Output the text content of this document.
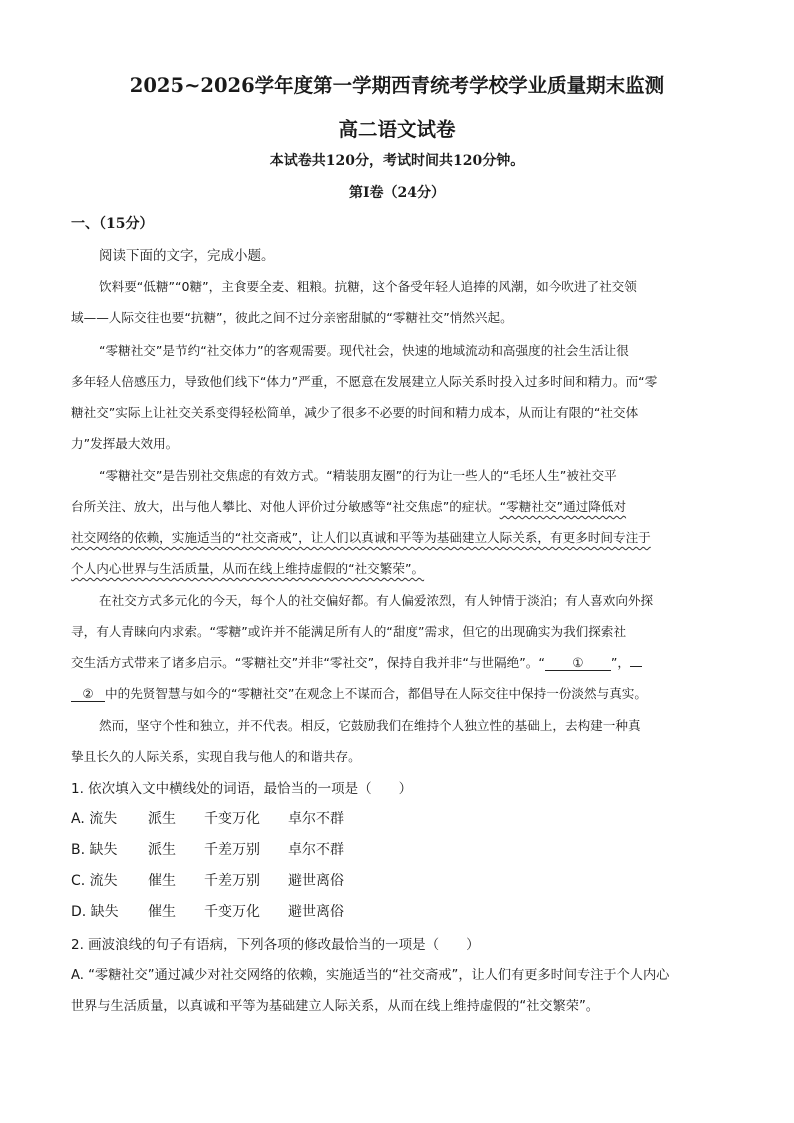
2025~2026学年度第一学期西青统考学校学业质量期末监测
高二语文试卷
本试卷共120分，考试时间共120分钟。
第Ⅰ卷（24分）
一、（15分）
阅读下面的文字，完成小题。
饮料要“低糖”“0糖”，主食要全麦、粗粮。抗糖，这个备受年轻人追捧的风潮，如今吹进了社交领
域——人际交往也要“抗糖”，彼此之间不过分亲密甜腻的“零糖社交”悄然兴起。
“零糖社交”是节约“社交体力”的客观需要。现代社会，快速的地域流动和高强度的社会生活让很
多年轻人倍感压力，导致他们线下“体力”严重，不愿意在发展建立人际关系时投入过多时间和精力。而“零
糖社交”实际上让社交关系变得轻松简单，减少了很多不必要的时间和精力成本，从而让有限的“社交体
力”发挥最大效用。
“零糖社交”是告别社交焦虑的有效方式。“精装朋友圈”的行为让一些人的“毛坯人生”被社交平
台所关注、放大，出与他人攀比、对他人评价过分敏感等“社交焦虑”的症状。“零糖社交”通过降低对
社交网络的依赖，实施适当的“社交斋戒”，让人们以真诚和平等为基础建立人际关系，有更多时间专注于
个人内心世界与生活质量，从而在线上维持虚假的“社交繁荣”。
在社交方式多元化的今天，每个人的社交偏好都。有人偏爱浓烈，有人钟情于淡泊；有人喜欢向外探
寻，有人青睐向内求索。“零糖”或许并不能满足所有人的“甜度”需求，但它的出现确实为我们探索社
交生活方式带来了诸多启示。“零糖社交”并非“零社交”，保持自我并非“与世隔绝”。“ ① ”，
② 中的先贤智慧与如今的“零糖社交”在观念上不谋而合，都倡导在人际交往中保持一份淡然与真实。
然而，坚守个性和独立，并不代表。相反，它鼓励我们在维持个人独立性的基础上，去构建一种真
挚且长久的人际关系，实现自我与他人的和谐共存。
1. 依次填入文中横线处的词语，最恰当的一项是（　　）
A. 流失 派生 千变万化 卓尔不群
B. 缺失 派生 千差万别 卓尔不群
C. 流失 催生 千差万别 避世离俗
D. 缺失 催生 千变万化 避世离俗
2. 画波浪线的句子有语病，下列各项的修改最恰当的一项是（　　）
A. “零糖社交”通过减少对社交网络的依赖，实施适当的“社交斋戒”，让人们有更多时间专注于个人内心
世界与生活质量，以真诚和平等为基础建立人际关系，从而在线上维持虚假的“社交繁荣”。
